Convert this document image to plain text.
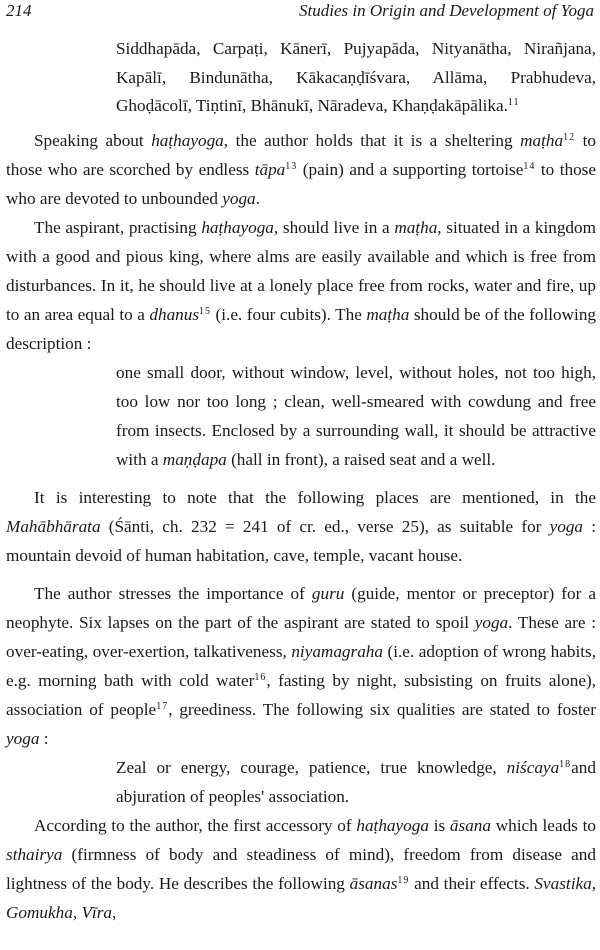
214	Studies in Origin and Development of Yoga

Siddhapāda, Carpaṭi, Kānerī, Pujyapāda, Nityanātha, Nirañjana, Kapālī, Bindunātha, Kākacaṇḍīśvara, Allāma, Prabhudeva, Ghoḍācolī, Tiṇtinī, Bhānukī, Nāradeva, Khaṇḍakāpālika.$^{11}$

Speaking about haṭhayoga, the author holds that it is a sheltering maṭha$^{12}$ to those who are scorched by endless tāpa$^{13}$ (pain) and a supporting tortoise$^{14}$ to those who are devoted to unbounded yoga.

The aspirant, practising haṭhayoga, should live in a maṭha, situated in a kingdom with a good and pious king, where alms are easily available and which is free from disturbances. In it, he should live at a lonely place free from rocks, water and fire, up to an area equal to a dhanus$^{15}$ (i.e. four cubits). The maṭha should be of the following description :

one small door, without window, level, without holes, not too high, too low nor too long ; clean, well-smeared with cowdung and free from insects. Enclosed by a surrounding wall, it should be attractive with a maṇḍapa (hall in front), a raised seat and a well.

It is interesting to note that the following places are mentioned, in the Mahābhārata (Śānti, ch. 232 = 241 of cr. ed., verse 25), as suitable for yoga : mountain devoid of human habitation, cave, temple, vacant house.

The author stresses the importance of guru (guide, mentor or preceptor) for a neophyte. Six lapses on the part of the aspirant are stated to spoil yoga. These are : over-eating, over-exertion, talkativeness, niyamagraha (i.e. adoption of wrong habits, e.g. morning bath with cold water$^{16}$, fasting by night, subsisting on fruits alone), association of people$^{17}$, greediness. The following six qualities are stated to foster yoga :

Zeal or energy, courage, patience, true knowledge, niścaya$^{18}$and abjuration of peoples' association.

According to the author, the first accessory of haṭhayoga is āsana which leads to sthairya (firmness of body and steadiness of mind), freedom from disease and lightness of the body. He describes the following āsanas$^{19}$ and their effects. Svastika, Gomukha, Vīra,
